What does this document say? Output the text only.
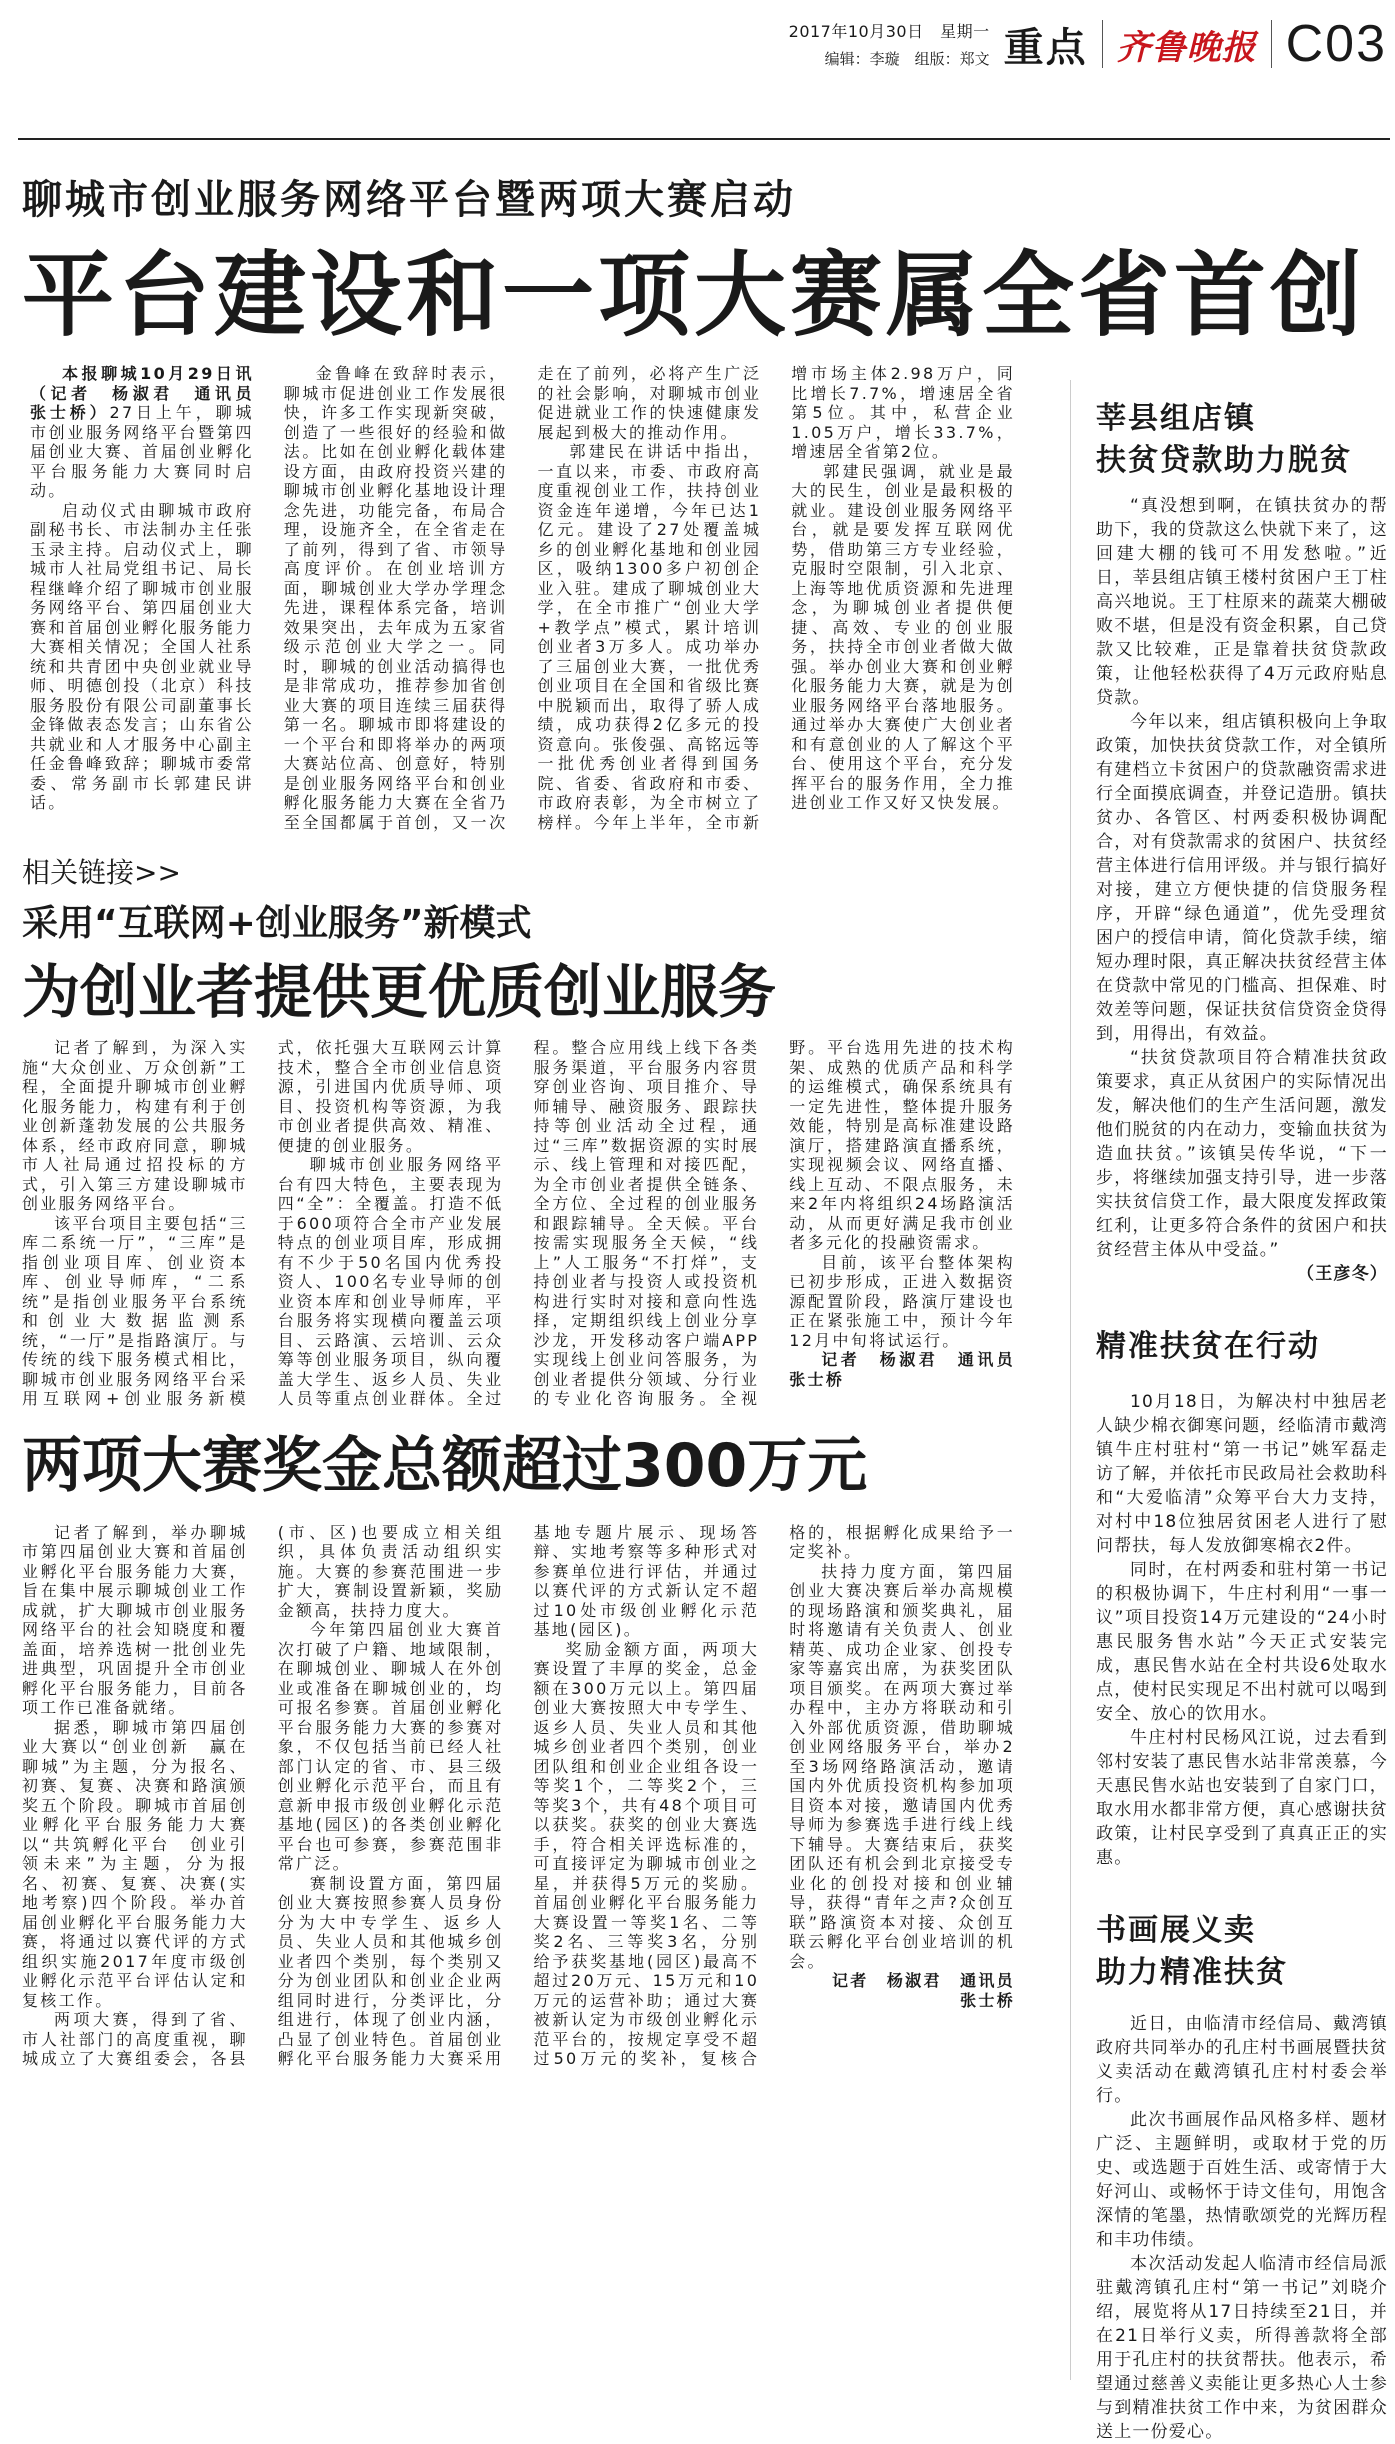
2017年10月30日　星期一
编辑：李璇　组版：郑文 重点 齐鲁晚报 C03
聊城市创业服务网络平台暨两项大赛启动
平台建设和一项大赛属全省首创

本报聊城10月29日讯（记者　杨淑君　通讯员　张士桥）27日上午，聊城市创业服务网络平台暨第四届创业大赛、首届创业孵化平台服务能力大赛同时启动。

启动仪式由聊城市政府副秘书长、市法制办主任张玉录主持。启动仪式上，聊城市人社局党组书记、局长程继峰介绍了聊城市创业服务网络平台、第四届创业大赛和首届创业孵化服务能力大赛相关情况；全国人社系统和共青团中央创业就业导师、明德创投（北京）科技服务股份有限公司副董事长金锋做表态发言；山东省公共就业和人才服务中心副主任金鲁峰致辞；聊城市委常委、常务副市长郭建民讲话。

金鲁峰在致辞时表示，聊城市促进创业工作发展很快，许多工作实现新突破，创造了一些很好的经验和做法。比如在创业孵化载体建设方面，由政府投资兴建的聊城市创业孵化基地设计理念先进，功能完备，布局合理，设施齐全，在全省走在了前列，得到了省、市领导高度评价。在创业培训方面，聊城创业大学办学理念先进，课程体系完备，培训效果突出，去年成为五家省级示范创业大学之一。同时，聊城的创业活动搞得也是非常成功，推荐参加省创业大赛的项目连续三届获得第一名。聊城市即将建设的一个平台和即将举办的两项大赛站位高、创意好，特别是创业服务网络平台和创业孵化服务能力大赛在全省乃至全国都属于首创，又一次走在了前列，必将产生广泛的社会影响，对聊城市创业促进就业工作的快速健康发展起到极大的推动作用。

郭建民在讲话中指出，一直以来，市委、市政府高度重视创业工作，扶持创业资金连年递增，今年已达1亿元。建设了27处覆盖城乡的创业孵化基地和创业园区，吸纳1300多户初创企业入驻。建成了聊城创业大学，在全市推广“创业大学+教学点”模式，累计培训创业者3万多人。成功举办了三届创业大赛，一批优秀创业项目在全国和省级比赛中脱颖而出，取得了骄人成绩，成功获得2亿多元的投资意向。张俊强、高铭远等一批优秀创业者得到国务院、省委、省政府和市委、市政府表彰，为全市树立了榜样。今年上半年，全市新增市场主体2.98万户，同比增长7.7%，增速居全省第5位。其中，私营企业1.05万户，增长33.7%，增速居全省第2位。

郭建民强调，就业是最大的民生，创业是最积极的就业。建设创业服务网络平台，就是要发挥互联网优势，借助第三方专业经验，克服时空限制，引入北京、上海等地优质资源和先进理念，为聊城创业者提供便捷、高效、专业的创业服务，扶持全市创业者做大做强。举办创业大赛和创业孵化服务能力大赛，就是为创业服务网络平台落地服务。通过举办大赛使广大创业者和有意创业的人了解这个平台、使用这个平台，充分发挥平台的服务作用，全力推进创业工作又好又快发展。

相关链接>>
采用“互联网+创业服务”新模式
为创业者提供更优质创业服务

记者了解到，为深入实施“大众创业、万众创新”工程，全面提升聊城市创业孵化服务能力，构建有利于创业创新蓬勃发展的公共服务体系，经市政府同意，聊城市人社局通过招投标的方式，引入第三方建设聊城市创业服务网络平台。

该平台项目主要包括“三库二系统一厅”，“三库”是指创业项目库、创业资本库、创业导师库，“二系统”是指创业服务平台系统和创业大数据监测系统，“一厅”是指路演厅。与传统的线下服务模式相比，聊城市创业服务网络平台采用互联网+创业服务新模式，依托强大互联网云计算技术，整合全市创业信息资源，引进国内优质导师、项目、投资机构等资源，为我市创业者提供高效、精准、便捷的创业服务。

聊城市创业服务网络平台有四大特色，主要表现为四“全”：全覆盖。打造不低于600项符合全市产业发展特点的创业项目库，形成拥有不少于50名国内优秀投资人、100名专业导师的创业资本库和创业导师库，平台服务将实现横向覆盖云项目、云路演、云培训、云众筹等创业服务项目，纵向覆盖大学生、返乡人员、失业人员等重点创业群体。全过程。整合应用线上线下各类服务渠道，平台服务内容贯穿创业咨询、项目推介、导师辅导、融资服务、跟踪扶持等创业活动全过程，通过“三库”数据资源的实时展示、线上管理和对接匹配，为全市创业者提供全链条、全方位、全过程的创业服务和跟踪辅导。全天候。平台按需实现服务全天候，“线上”人工服务“不打烊”，支持创业者与投资人或投资机构进行实时对接和意向性选择，定期组织线上创业分享沙龙，开发移动客户端APP实现线上创业问答服务，为创业者提供分领域、分行业的专业化咨询服务。全视野。平台选用先进的技术构架、成熟的优质产品和科学的运维模式，确保系统具有一定先进性，整体提升服务效能，特别是高标准建设路演厅，搭建路演直播系统，实现视频会议、网络直播、线上互动、不限点服务，未来2年内将组织24场路演活动，从而更好满足我市创业者多元化的投融资需求。

目前，该平台整体架构已初步形成，正进入数据资源配置阶段，路演厅建设也正在紧张施工中，预计今年12月中旬将试运行。

记者　杨淑君　通讯员　张士桥

两项大赛奖金总额超过300万元

记者了解到，举办聊城市第四届创业大赛和首届创业孵化平台服务能力大赛，旨在集中展示聊城创业工作成就，扩大聊城市创业服务网络平台的社会知晓度和覆盖面，培养选树一批创业先进典型，巩固提升全市创业孵化平台服务能力，目前各项工作已准备就绪。

据悉，聊城市第四届创业大赛以“创业创新　赢在聊城”为主题，分为报名、初赛、复赛、决赛和路演颁奖五个阶段。聊城市首届创业孵化平台服务能力大赛以“共筑孵化平台　创业引领未来”为主题，分为报名、初赛、复赛、决赛(实地考察)四个阶段。举办首届创业孵化平台服务能力大赛，将通过以赛代评的方式组织实施2017年度市级创业孵化示范平台评估认定和复核工作。

两项大赛，得到了省、市人社部门的高度重视，聊城成立了大赛组委会，各县(市、区)也要成立相关组织，具体负责活动组织实施。大赛的参赛范围进一步扩大，赛制设置新颖，奖励金额高，扶持力度大。

今年第四届创业大赛首次打破了户籍、地域限制，在聊城创业、聊城人在外创业或准备在聊城创业的，均可报名参赛。首届创业孵化平台服务能力大赛的参赛对象，不仅包括当前已经人社部门认定的省、市、县三级创业孵化示范平台，而且有意新申报市级创业孵化示范基地(园区)的各类创业孵化平台也可参赛，参赛范围非常广泛。

赛制设置方面，第四届创业大赛按照参赛人员身份分为大中专学生、返乡人员、失业人员和其他城乡创业者四个类别，每个类别又分为创业团队和创业企业两组同时进行，分类评比，分组进行，体现了创业内涵，凸显了创业特色。首届创业孵化平台服务能力大赛采用基地专题片展示、现场答辩、实地考察等多种形式对参赛单位进行评估，并通过以赛代评的方式新认定不超过10处市级创业孵化示范基地(园区)。

奖励金额方面，两项大赛设置了丰厚的奖金，总金额在300万元以上。第四届创业大赛按照大中专学生、返乡人员、失业人员和其他城乡创业者四个类别，创业团队组和创业企业组各设一等奖1个，二等奖2个，三等奖3个，共有48个项目可以获奖。获奖的创业大赛选手，符合相关评选标准的，可直接评定为聊城市创业之星，并获得5万元的奖励。首届创业孵化平台服务能力大赛设置一等奖1名、二等奖2名、三等奖3名，分别给予获奖基地(园区)最高不超过20万元、15万元和10万元的运营补助；通过大赛被新认定为市级创业孵化示范平台的，按规定享受不超过50万元的奖补，复核合格的，根据孵化成果给予一定奖补。

扶持力度方面，第四届创业大赛决赛后举办高规模的现场路演和颁奖典礼，届时将邀请有关负责人、创业精英、成功企业家、创投专家等嘉宾出席，为获奖团队项目颁奖。在两项大赛过举办程中，主办方将联动和引入外部优质资源，借助聊城创业网络服务平台，举办2至3场网络路演活动，邀请国内外优质投资机构参加项目资本对接，邀请国内优秀导师为参赛选手进行线上线下辅导。大赛结束后，获奖团队还有机会到北京接受专业化的创投对接和创业辅导，获得“青年之声?众创互联”路演资本对接、众创互联云孵化平台创业培训的机会。

记者　杨淑君　通讯员　张士桥

莘县组店镇
扶贫贷款助力脱贫

“真没想到啊，在镇扶贫办的帮助下，我的贷款这么快就下来了，这回建大棚的钱可不用发愁啦。”近日，莘县组店镇王楼村贫困户王丁柱高兴地说。王丁柱原来的蔬菜大棚破败不堪，但是没有资金积累，自己贷款又比较难，正是靠着扶贫贷款政策，让他轻松获得了4万元政府贴息贷款。

今年以来，组店镇积极向上争取政策，加快扶贫贷款工作，对全镇所有建档立卡贫困户的贷款融资需求进行全面摸底调查，并登记造册。镇扶贫办、各管区、村两委积极协调配合，对有贷款需求的贫困户、扶贫经营主体进行信用评级。并与银行搞好对接，建立方便快捷的信贷服务程序，开辟“绿色通道”，优先受理贫困户的授信申请，简化贷款手续，缩短办理时限，真正解决扶贫经营主体在贷款中常见的门槛高、担保难、时效差等问题，保证扶贫信贷资金贷得到，用得出，有效益。

“扶贫贷款项目符合精准扶贫政策要求，真正从贫困户的实际情况出发，解决他们的生产生活问题，激发他们脱贫的内在动力，变输血扶贫为造血扶贫。”该镇吴传华说，“下一步，将继续加强支持引导，进一步落实扶贫信贷工作，最大限度发挥政策红利，让更多符合条件的贫困户和扶贫经营主体从中受益。”

（王彦冬）
精准扶贫在行动

10月18日，为解决村中独居老人缺少棉衣御寒问题，经临清市戴湾镇牛庄村驻村“第一书记”姚军磊走访了解，并依托市民政局社会救助科和“大爱临清”众筹平台大力支持，对村中18位独居贫困老人进行了慰问帮扶，每人发放御寒棉衣2件。

同时，在村两委和驻村第一书记的积极协调下，牛庄村利用“一事一议”项目投资14万元建设的“24小时惠民服务售水站”今天正式安装完成，惠民售水站在全村共设6处取水点，使村民实现足不出村就可以喝到安全、放心的饮用水。

牛庄村村民杨风江说，过去看到邻村安装了惠民售水站非常羡慕，今天惠民售水站也安装到了自家门口，取水用水都非常方便，真心感谢扶贫政策，让村民享受到了真真正正的实惠。

书画展义卖
助力精准扶贫

近日，由临清市经信局、戴湾镇政府共同举办的孔庄村书画展暨扶贫义卖活动在戴湾镇孔庄村村委会举行。

此次书画展作品风格多样、题材广泛、主题鲜明，或取材于党的历史、或选题于百姓生活、或寄情于大好河山、或畅怀于诗文佳句，用饱含深情的笔墨，热情歌颂党的光辉历程和丰功伟绩。

本次活动发起人临清市经信局派驻戴湾镇孔庄村“第一书记”刘晓介绍，展览将从17日持续至21日，并在21日举行义卖，所得善款将全部用于孔庄村的扶贫帮扶。他表示，希望通过慈善义卖能让更多热心人士参与到精准扶贫工作中来，为贫困群众送上一份爱心。
